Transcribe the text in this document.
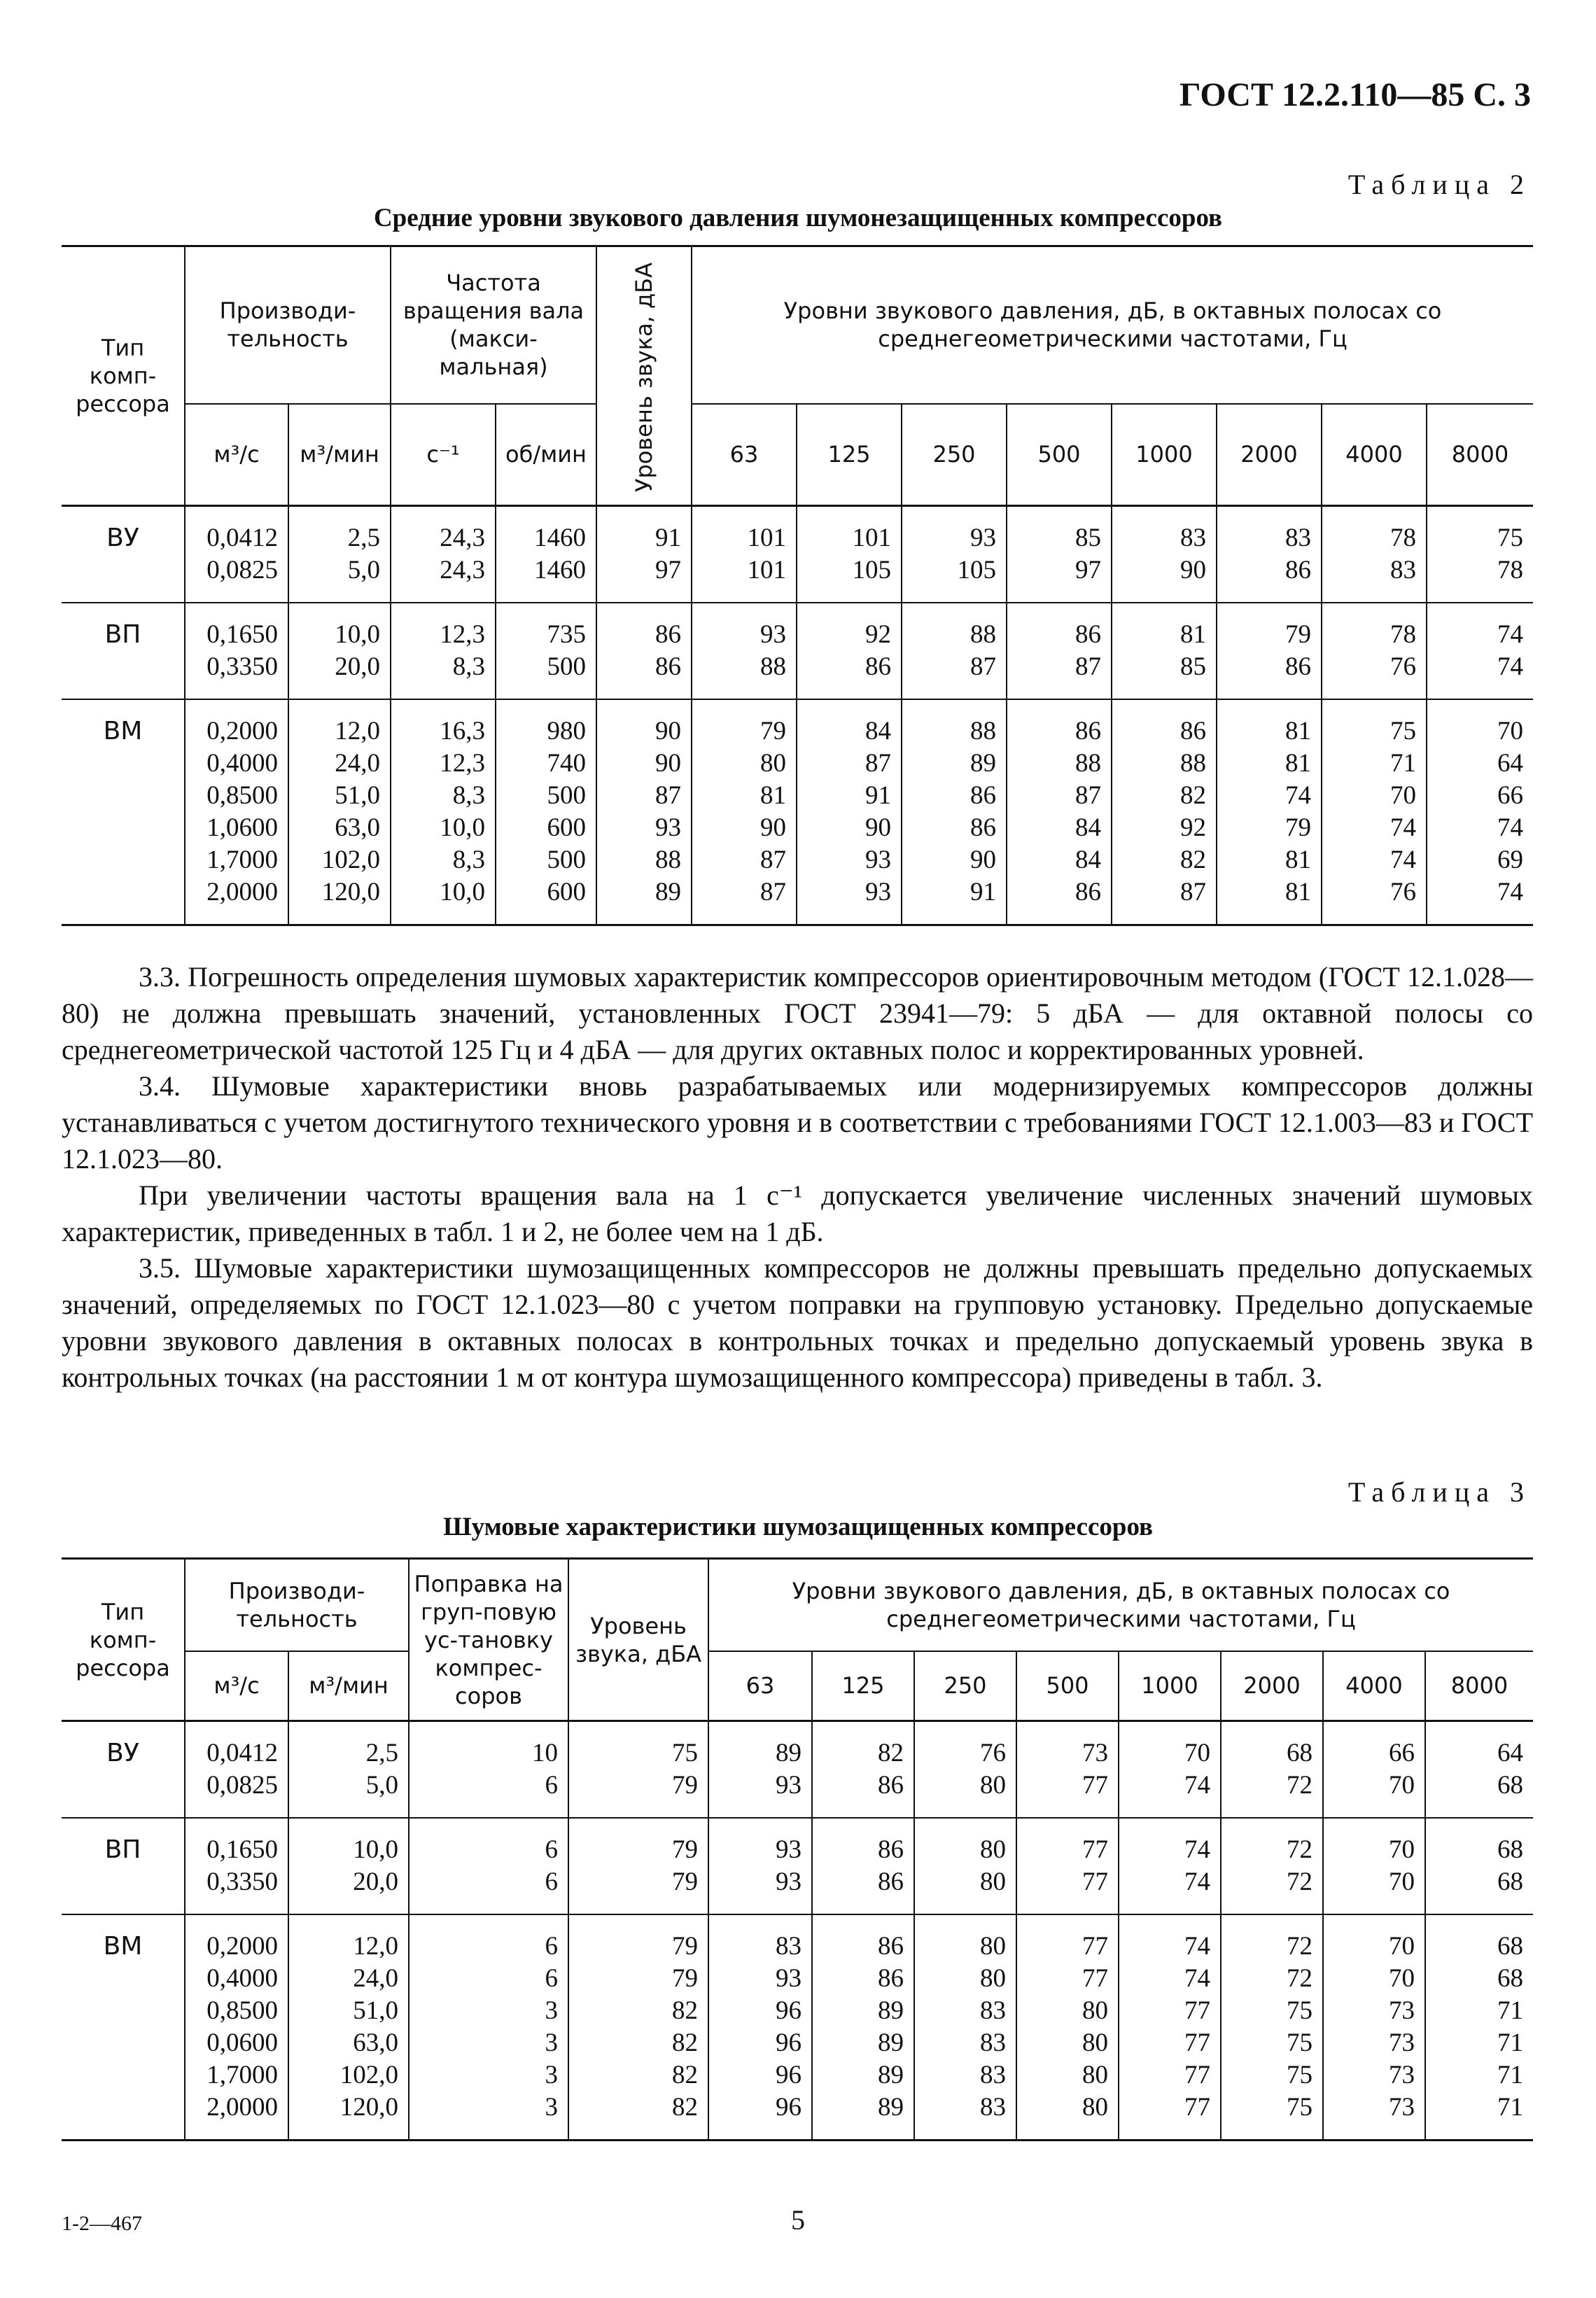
ГОСТ 12.2.110—85 С. 3
Таблица 2
Средние уровни звукового давления шумонезащищенных компрессоров
Тип комп-рессора	Производи-тельность		Частота вращения вала (макси-мальная)		Уровень звука, дБА	Уровни звукового давления, дБ, в октавных полосах со среднегеометрическими частотами, Гц							
	м³/с	м³/мин	с⁻¹	об/мин		63	125	250	500	1000	2000	4000	8000
ВУ	0,0412	2,5	24,3	1460	91	101	101	93	85	83	83	78	75
	0,0825	5,0	24,3	1460	97	101	105	105	97	90	86	83	78
ВП	0,1650	10,0	12,3	735	86	93	92	88	86	81	79	78	74
	0,3350	20,0	8,3	500	86	88	86	87	87	85	86	76	74
ВМ	0,2000	12,0	16,3	980	90	79	84	88	86	86	81	75	70
	0,4000	24,0	12,3	740	90	80	87	89	88	88	81	71	64
	0,8500	51,0	8,3	500	87	81	91	86	87	82	74	70	66
	1,0600	63,0	10,0	600	93	90	90	86	84	92	79	74	74
	1,7000	102,0	8,3	500	88	87	93	90	84	82	81	74	69
	2,0000	120,0	10,0	600	89	87	93	91	86	87	81	76	74

3.3. Погрешность определения шумовых характеристик компрессоров ориентировочным методом (ГОСТ 12.1.028—80) не должна превышать значений, установленных ГОСТ 23941—79: 5 дБА — для октавной полосы со среднегеометрической частотой 125 Гц и 4 дБА — для других октавных полос и корректированных уровней.

3.4. Шумовые характеристики вновь разрабатываемых или модернизируемых компрессоров должны устанавливаться с учетом достигнутого технического уровня и в соответствии с требованиями ГОСТ 12.1.003—83 и ГОСТ 12.1.023—80.

При увеличении частоты вращения вала на 1 с⁻¹ допускается увеличение численных значений шумовых характеристик, приведенных в табл. 1 и 2, не более чем на 1 дБ.

3.5. Шумовые характеристики шумозащищенных компрессоров не должны превышать предельно допускаемых значений, определяемых по ГОСТ 12.1.023—80 с учетом поправки на групповую установку. Предельно допускаемые уровни звукового давления в октавных полосах в контрольных точках и предельно допускаемый уровень звука в контрольных точках (на расстоянии 1 м от контура шумозащищенного компрессора) приведены в табл. 3.

Таблица 3
Шумовые характеристики шумозащищенных компрессоров
Тип комп-рессора	Производи-тельность		Поправка на груп-повую ус-тановку компрес-соров	Уровень звука, дБА	Уровни звукового давления, дБ, в октавных полосах со среднегеометрическими частотами, Гц							
	м³/с	м³/мин			63	125	250	500	1000	2000	4000	8000
ВУ	0,0412	2,5	10	75	89	82	76	73	70	68	66	64
	0,0825	5,0	6	79	93	86	80	77	74	72	70	68
ВП	0,1650	10,0	6	79	93	86	80	77	74	72	70	68
	0,3350	20,0	6	79	93	86	80	77	74	72	70	68
ВМ	0,2000	12,0	6	79	83	86	80	77	74	72	70	68
	0,4000	24,0	6	79	93	86	80	77	74	72	70	68
	0,8500	51,0	3	82	96	89	83	80	77	75	73	71
	0,0600	63,0	3	82	96	89	83	80	77	75	73	71
	1,7000	102,0	3	82	96	89	83	80	77	75	73	71
	2,0000	120,0	3	82	96	89	83	80	77	75	73	71
1-2—467	5
